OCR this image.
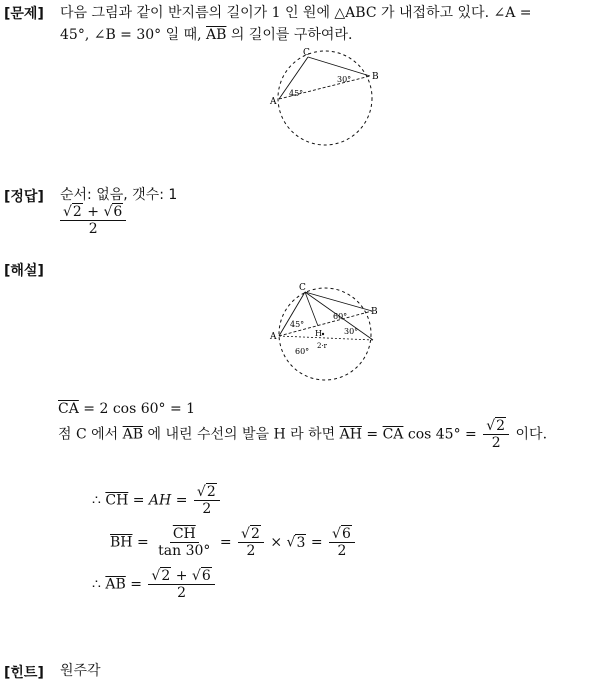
[문제] 다음 그림과 같이 반지름의 길이가 1 인 원에 △ABC 가 내접하고 있다. ∠A =
45°, ∠B = 30° 일 때, $\overline{AB}$ 의 길이를 구하여라.
C
B
A
45°
30°
[정답] 순서: 없음, 갯수: 1
$\frac{√2 + √6}{2}$
[해설]
C
B
A	H
45°
60°
30°
60°
2·r
$\overline{CA} = 2$ cos 60° = 1
점 C 에서 $\overline{AB}$ 에 내린 수선의 발을 H 라 하면 $\overline{AH} = \overline{CA}$ $\cos 45^\circ = \frac{√2}{2}$ 이다.
∴ $\overline{CH}$ = AH = $\frac{√2}{2}$
$\overline{BH} = \frac{\overline{CH}}{\tan 30^\circ} = \frac{√2}{2} \times √3 = \frac{√6}{2}$
∴ $\overline{AB} = \frac{√2 + √6}{2}$
[힌트] 원주각
